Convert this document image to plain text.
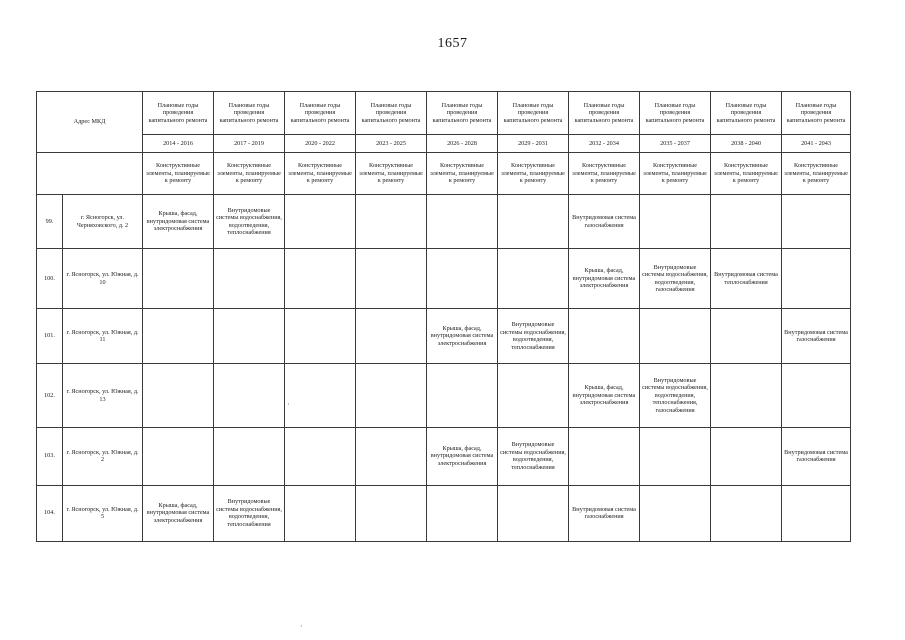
1657
Адрес МКД		Плановые годы проведения капитального ремонта	Плановые годы проведения капитального ремонта	Плановые годы проведения капитального ремонта	Плановые годы проведения капитального ремонта	Плановые годы проведения капитального ремонта	Плановые годы проведения капитального ремонта	Плановые годы проведения капитального ремонта	Плановые годы проведения капитального ремонта	Плановые годы проведения капитального ремонта	Плановые годы проведения капитального ремонта
		2014 - 2016	2017 - 2019	2020 - 2022	2023 - 2025	2026 - 2028	2029 - 2031	2032 - 2034	2035 - 2037	2038 - 2040	2041 - 2043
		Конструктивные элементы, планируемые к ремонту	Конструктивные элементы, планируемые к ремонту	Конструктивные элементы, планируемые к ремонту	Конструктивные элементы, планируемые к ремонту	Конструктивные элементы, планируемые к ремонту	Конструктивные элементы, планируемые к ремонту	Конструктивные элементы, планируемые к ремонту	Конструктивные элементы, планируемые к ремонту	Конструктивные элементы, планируемые к ремонту	Конструктивные элементы, планируемые к ремонту
99.	г. Ясногорск, ул. Черняховского, д. 2	Крыша, фасад, внутридомовая система электроснабжения	Внутридомовые системы водоснабжения, водоотведения, теплоснабжения					Внутридомовая система газоснабжения			
100.	г. Ясногорск, ул. Южная, д. 10							Крыша, фасад, внутридомовая система электроснабжения	Внутридомовые системы водоснабжения, водоотведения, газоснабжения	Внутридомовая система теплоснабжения	
101.	г. Ясногорск, ул. Южная, д. 11					Крыша, фасад, внутридомовая система электроснабжения	Внутридомовые системы водоснабжения, водоотведения, теплоснабжения				Внутридомовая система газоснабжения
102.	г. Ясногорск, ул. Южная, д. 13							Крыша, фасад, внутридомовая система электроснабжения	Внутридомовые системы водоснабжения, водоотведения, теплоснабжения, газоснабжения		
103.	г. Ясногорск, ул. Южная, д. 2					Крыша, фасад, внутридомовая система электроснабжения	Внутридомовые системы водоснабжения, водоотведения, теплоснабжения				Внутридомовая система газоснабжения
104.	г. Ясногорск, ул. Южная, д. 5	Крыша, фасад, внутридомовая система электроснабжения	Внутридомовые системы водоснабжения, водоотведения, теплоснабжения					Внутридомовая система газоснабжения			
·
·
